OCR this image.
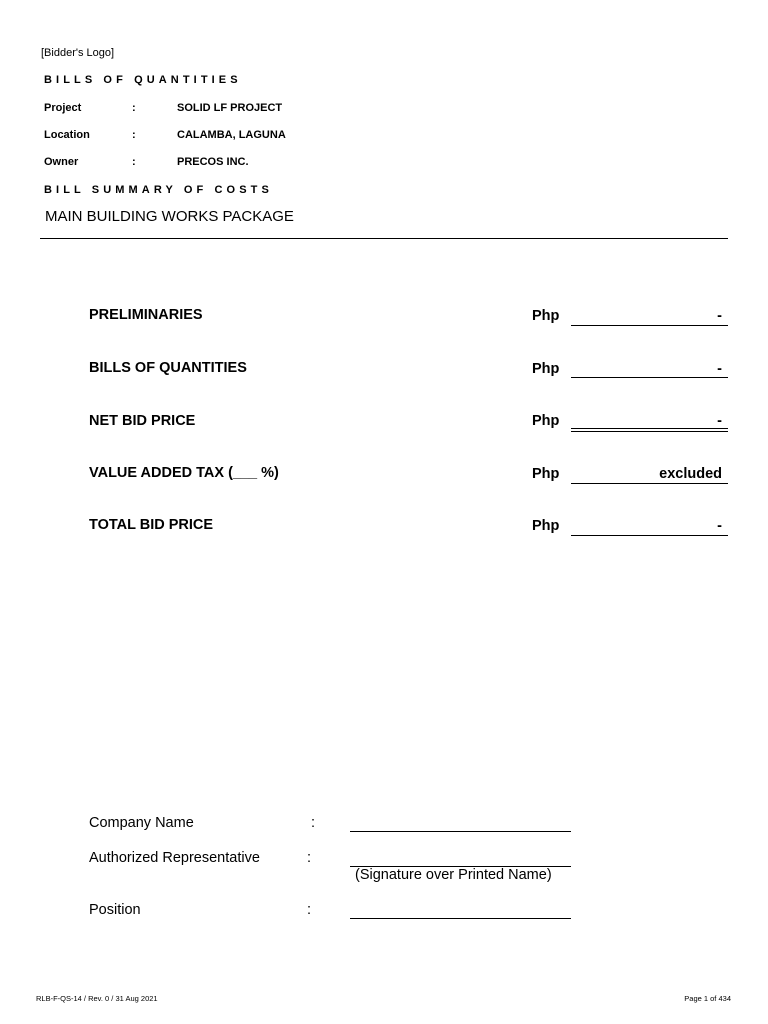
[Bidder's Logo]
BILLS OF QUANTITIES
Project	:	SOLID LF PROJECT
Location	:	CALAMBA, LAGUNA
Owner	:	PRECOS INC.
BILL SUMMARY OF COSTS
MAIN BUILDING WORKS PACKAGE
PRELIMINARIES	Php	-
BILLS OF QUANTITIES	Php	-
NET BID PRICE	Php	-
VALUE ADDED TAX (___ %)	Php	excluded
TOTAL BID PRICE	Php	-
Company Name	:
Authorized Representative	:
(Signature over Printed Name)
Position	:
RLB-F-QS-14 / Rev. 0 / 31 Aug 2021	Page 1 of 434
